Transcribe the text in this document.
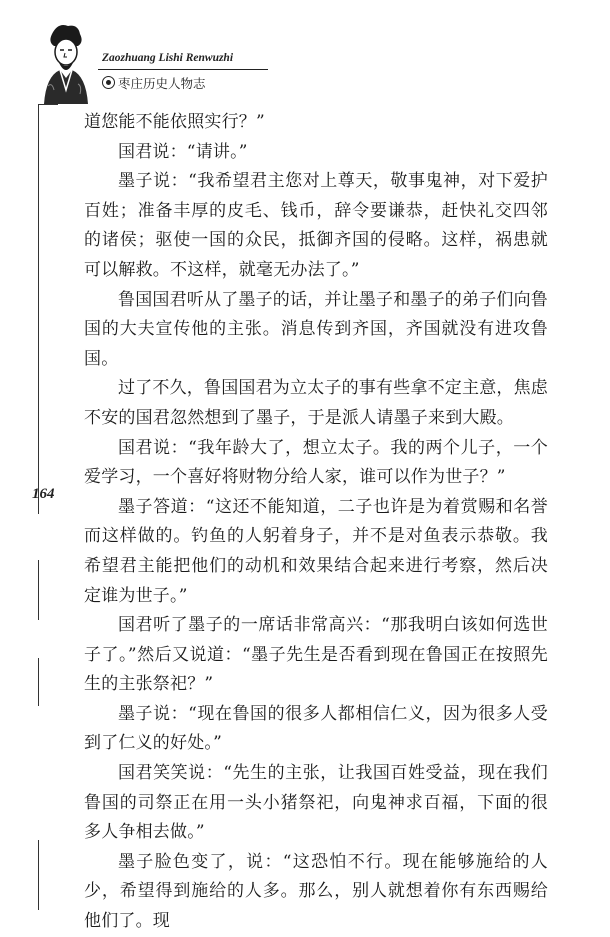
Zaozhuang Lishi Renwuzhi
枣庄历史人物志
164

道您能不能依照实行？”

国君说：“请讲。”

墨子说：“我希望君主您对上尊天，敬事鬼神，对下爱护百姓；准备丰厚的皮毛、钱币，辞令要谦恭，赶快礼交四邻的诸侯；驱使一国的众民，抵御齐国的侵略。这样，祸患就可以解救。不这样，就毫无办法了。”

鲁国国君听从了墨子的话，并让墨子和墨子的弟子们向鲁国的大夫宣传他的主张。消息传到齐国，齐国就没有进攻鲁国。

过了不久，鲁国国君为立太子的事有些拿不定主意，焦虑不安的国君忽然想到了墨子，于是派人请墨子来到大殿。

国君说：“我年龄大了，想立太子。我的两个儿子，一个爱学习，一个喜好将财物分给人家，谁可以作为世子？”

墨子答道：“这还不能知道，二子也许是为着赏赐和名誉而这样做的。钓鱼的人躬着身子，并不是对鱼表示恭敬。我希望君主能把他们的动机和效果结合起来进行考察，然后决定谁为世子。”

国君听了墨子的一席话非常高兴：“那我明白该如何选世子了。”然后又说道：“墨子先生是否看到现在鲁国正在按照先生的主张祭祀？”

墨子说：“现在鲁国的很多人都相信仁义，因为很多人受到了仁义的好处。”

国君笑笑说：“先生的主张，让我国百姓受益，现在我们鲁国的司祭正在用一头小猪祭祀，向鬼神求百福，下面的很多人争相去做。”

墨子脸色变了，说：“这恐怕不行。现在能够施给的人少，希望得到施给的人多。那么，别人就想着你有东西赐给他们了。现
